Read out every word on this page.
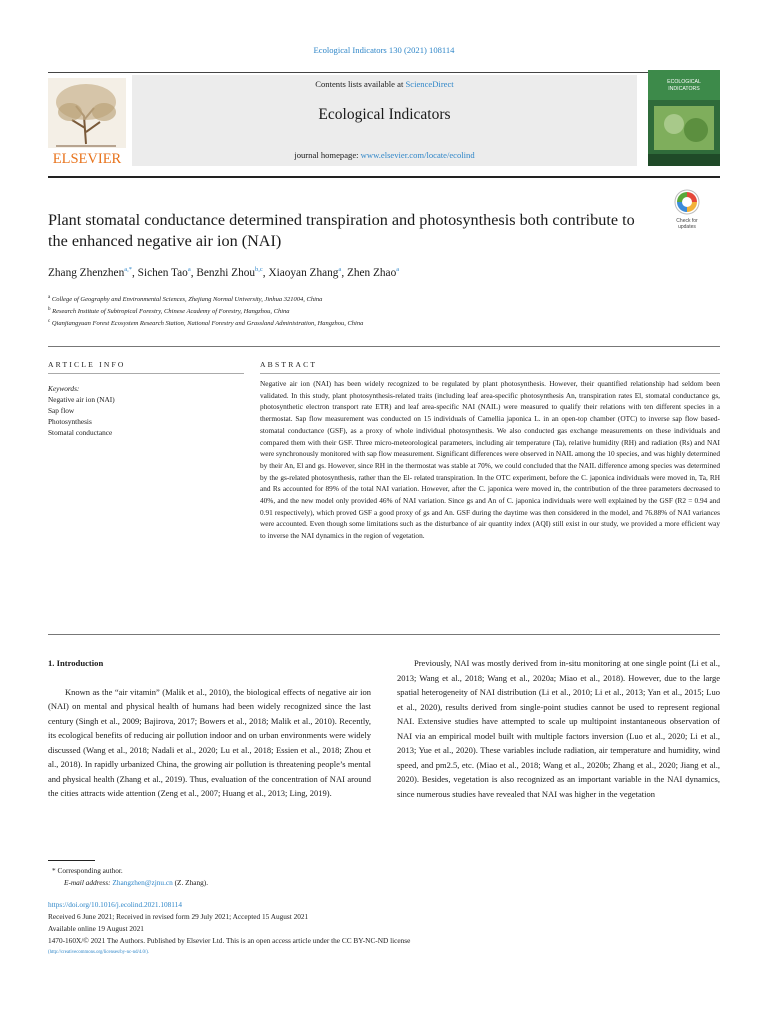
Ecological Indicators 130 (2021) 108114
ELSEVIER
Contents lists available at ScienceDirect
Ecological Indicators
journal homepage: www.elsevier.com/locate/ecolind
ECOLOGICAL
INDICATORS
Check for
updates
Plant stomatal conductance determined transpiration and photosynthesis both contribute to the enhanced negative air ion (NAI)
Zhang Zhenzhen$^{a,*}$, Sichen Tao$^a$, Benzhi Zhou$^{b,c}$, Xiaoyan Zhang$^a$, Zhen Zhao$^a$
$^a$ College of Geography and Environmental Sciences, Zhejiang Normal University, Jinhua 321004, China
$^b$ Research Institute of Subtropical Forestry, Chinese Academy of Forestry, Hangzhou, China
$^c$ Qianjiangyuan Forest Ecosystem Research Station, National Forestry and Grassland Administration, Hangzhou, China
ARTICLE INFO
Keywords:
Negative air ion (NAI)
Sap flow
Photosynthesis
Stomatal conductance
ABSTRACT
Negative air ion (NAI) has been widely recognized to be regulated by plant photosynthesis. However, their quantified relationship had seldom been validated. In this study, plant photosynthesis-related traits (including leaf area-specific photosynthesis An, transpiration rates El, stomatal conductance gs, photosynthetic electron transport rate ETR) and leaf area-specific NAI (NAIL) were measured to qualify their relations with ten different species in a thermostat. Sap flow measurement was conducted on 15 individuals of Camellia japonica L. in an open-top chamber (OTC) to inverse sap flow based-stomatal conductance (GSF), as a proxy of whole individual photosynthesis. We also conducted gas exchange measurements on these individuals and compared them with their GSF. Three micro-meteorological parameters, including air temperature (Ta), relative humidity (RH) and radiation (Rs) and NAI were synchronously monitored with sap flow measurement. Significant differences were observed in NAIL among the 10 species, and was highly determined by their An, El and gs. However, since RH in the thermostat was stable at 70%, we could concluded that the NAIL difference among species was determined by the gs-related photosynthesis, rather than the El- related transpiration. In the OTC experiment, before the C. japonica individuals were moved in, Ta, RH and Rs accounted for 89% of the total NAI variation. However, after the C. japonica were moved in, the contribution of the three parameters decreased to 40%, and the new model only provided 46% of NAI variation. Since gs and An of C. japonica individuals were well explained by the GSF (R2 = 0.94 and 0.91 respectively), which proved GSF a good proxy of gs and An. GSF during the daytime was then considered in the model, and 76.88% of NAI variances were accounted. Even though some limitations such as the disturbance of air quantity index (AQI) still exist in our study, we provided a more efficient way to inverse the NAI dynamics in the region of vegetation.
1. Introduction

Known as the “air vitamin” (Malik et al., 2010), the biological effects of negative air ion (NAI) on mental and physical health of humans had been widely recognized since the last century (Singh et al., 2009; Bajirova, 2017; Bowers et al., 2018; Malik et al., 2010). Recently, its ecological benefits of reducing air pollution indoor and on urban environments were widely discussed (Wang et al., 2018; Nadali et al., 2020; Lu et al., 2018; Essien et al., 2018; Zhou et al., 2018). In rapidly urbanized China, the growing air pollution is threatening people’s mental and physical health (Zhang et al., 2019). Thus, evaluation of the concentration of NAI around the cities attracts wide attention (Zeng et al., 2007; Huang et al., 2013; Ling, 2019).

Previously, NAI was mostly derived from in-situ monitoring at one single point (Li et al., 2013; Wang et al., 2018; Wang et al., 2020a; Miao et al., 2018). However, due to the large spatial heterogeneity of NAI distribution (Li et al., 2010; Li et al., 2013; Yan et al., 2015; Luo et al., 2020), results derived from single-point studies cannot be used to represent regional NAI. Extensive studies have attempted to scale up multipoint instantaneous observation of NAI via an empirical model built with multiple factors inversion (Luo et al., 2020; Li et al., 2013; Yue et al., 2020). These variables include radiation, air temperature and humidity, wind speed, and pm2.5, etc. (Miao et al., 2018; Wang et al., 2020b; Zhang et al., 2020; Jiang et al., 2020). Besides, vegetation is also recognized as an important variable in the NAI dynamics, since numerous studies have revealed that NAI was higher in the vegetation

* Corresponding author.
E-mail address: Zhangzhen@zjnu.cn (Z. Zhang).
https://doi.org/10.1016/j.ecolind.2021.108114
Received 6 June 2021; Received in revised form 29 July 2021; Accepted 15 August 2021
Available online 19 August 2021
1470-160X/© 2021 The Authors. Published by Elsevier Ltd. This is an open access article under the CC BY-NC-ND license
(http://creativecommons.org/licenses/by-nc-nd/4.0/).
